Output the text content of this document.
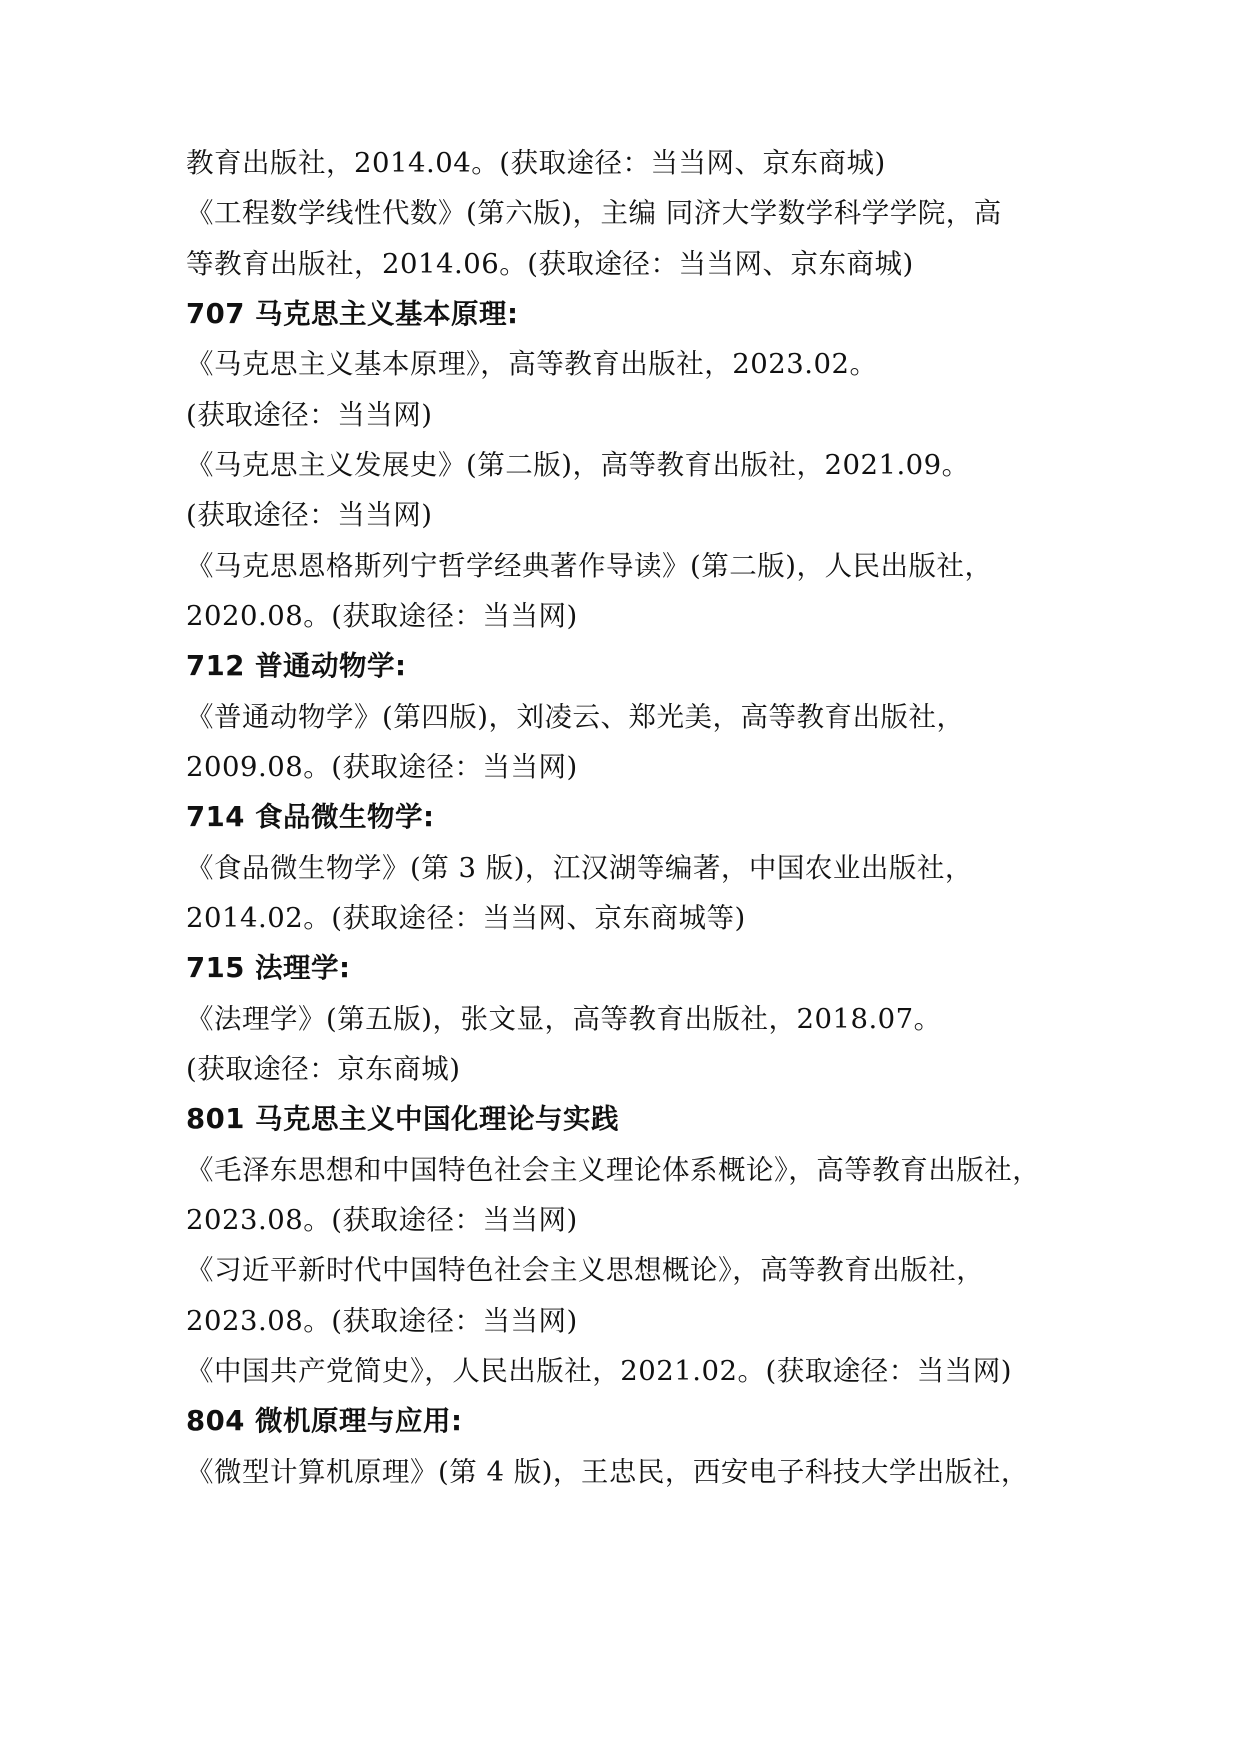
教育出版社，2014.04。(获取途径：当当网、京东商城)
《工程数学线性代数》(第六版)，主编 同济大学数学科学学院，高
等教育出版社，2014.06。(获取途径：当当网、京东商城)
707 马克思主义基本原理:
《马克思主义基本原理》，高等教育出版社，2023.02。
(获取途径：当当网)
《马克思主义发展史》(第二版)，高等教育出版社，2021.09。
(获取途径：当当网)
《马克思恩格斯列宁哲学经典著作导读》(第二版)，人民出版社，
2020.08。(获取途径：当当网)
712 普通动物学:
《普通动物学》(第四版)，刘凌云、郑光美，高等教育出版社，
2009.08。(获取途径：当当网)
714 食品微生物学:
《食品微生物学》(第 3 版)，江汉湖等编著，中国农业出版社，
2014.02。(获取途径：当当网、京东商城等)
715 法理学:
《法理学》(第五版)，张文显，高等教育出版社，2018.07。
(获取途径：京东商城)
801 马克思主义中国化理论与实践
《毛泽东思想和中国特色社会主义理论体系概论》，高等教育出版社，
2023.08。(获取途径：当当网)
《习近平新时代中国特色社会主义思想概论》，高等教育出版社，
2023.08。(获取途径：当当网)
《中国共产党简史》，人民出版社，2021.02。(获取途径：当当网)
804 微机原理与应用:
《微型计算机原理》(第 4 版)，王忠民，西安电子科技大学出版社，
